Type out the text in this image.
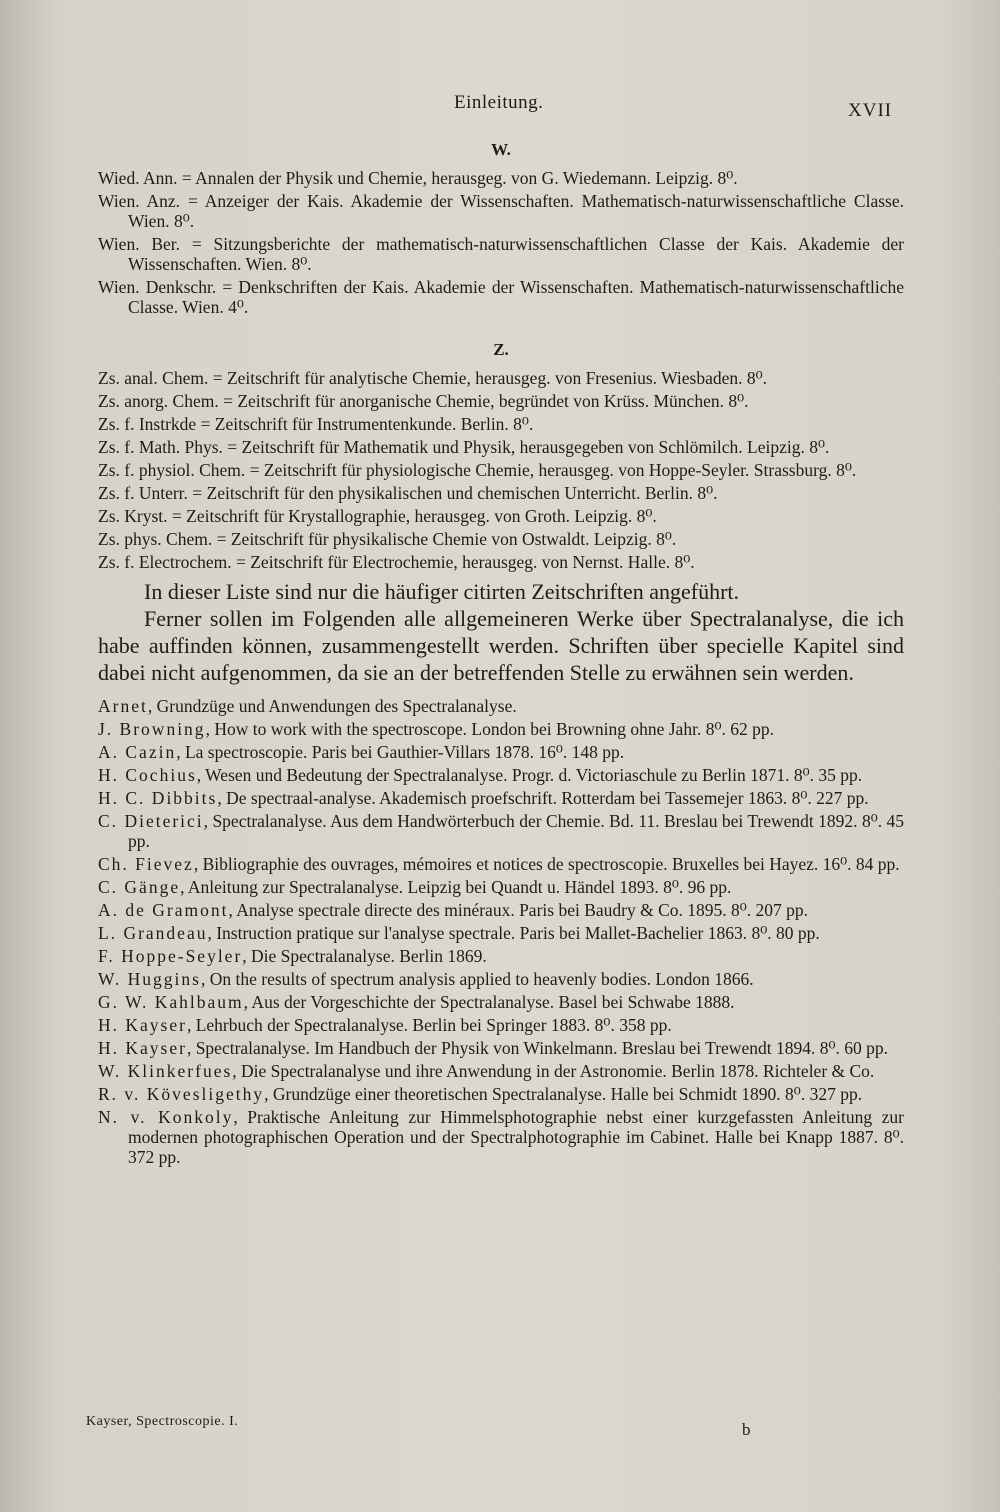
Einleitung.	XVII
W.

Wied. Ann. = Annalen der Physik und Chemie, herausgeg. von G. Wiedemann. Leipzig. 8⁰.

Wien. Anz. = Anzeiger der Kais. Akademie der Wissenschaften. Mathematisch-naturwissenschaftliche Classe. Wien. 8⁰.

Wien. Ber. = Sitzungsberichte der mathematisch-naturwissenschaftlichen Classe der Kais. Akademie der Wissenschaften. Wien. 8⁰.

Wien. Denkschr. = Denkschriften der Kais. Akademie der Wissenschaften. Mathematisch-naturwissenschaftliche Classe. Wien. 4⁰.

Z.

Zs. anal. Chem. = Zeitschrift für analytische Chemie, herausgeg. von Fresenius. Wiesbaden. 8⁰.

Zs. anorg. Chem. = Zeitschrift für anorganische Chemie, begründet von Krüss. München. 8⁰.

Zs. f. Instrkde = Zeitschrift für Instrumentenkunde. Berlin. 8⁰.

Zs. f. Math. Phys. = Zeitschrift für Mathematik und Physik, herausgegeben von Schlömilch. Leipzig. 8⁰.

Zs. f. physiol. Chem. = Zeitschrift für physiologische Chemie, herausgeg. von Hoppe-Seyler. Strassburg. 8⁰.

Zs. f. Unterr. = Zeitschrift für den physikalischen und chemischen Unterricht. Berlin. 8⁰.

Zs. Kryst. = Zeitschrift für Krystallographie, herausgeg. von Groth. Leipzig. 8⁰.

Zs. phys. Chem. = Zeitschrift für physikalische Chemie von Ostwaldt. Leipzig. 8⁰.

Zs. f. Electrochem. = Zeitschrift für Electrochemie, herausgeg. von Nernst. Halle. 8⁰.

In dieser Liste sind nur die häufiger citirten Zeitschriften angeführt.

Ferner sollen im Folgenden alle allgemeineren Werke über Spectralanalyse, die ich habe auffinden können, zusammengestellt werden. Schriften über specielle Kapitel sind dabei nicht aufgenommen, da sie an der betreffenden Stelle zu erwähnen sein werden.

Arnet, Grundzüge und Anwendungen des Spectralanalyse.

J. Browning, How to work with the spectroscope. London bei Browning ohne Jahr. 8⁰. 62 pp.

A. Cazin, La spectroscopie. Paris bei Gauthier-Villars 1878. 16⁰. 148 pp.

H. Cochius, Wesen und Bedeutung der Spectralanalyse. Progr. d. Victoriaschule zu Berlin 1871. 8⁰. 35 pp.

H. C. Dibbits, De spectraal-analyse. Akademisch proefschrift. Rotterdam bei Tassemejer 1863. 8⁰. 227 pp.

C. Dieterici, Spectralanalyse. Aus dem Handwörterbuch der Chemie. Bd. 11. Breslau bei Trewendt 1892. 8⁰. 45 pp.

Ch. Fievez, Bibliographie des ouvrages, mémoires et notices de spectroscopie. Bruxelles bei Hayez. 16⁰. 84 pp.

C. Gänge, Anleitung zur Spectralanalyse. Leipzig bei Quandt u. Händel 1893. 8⁰. 96 pp.

A. de Gramont, Analyse spectrale directe des minéraux. Paris bei Baudry & Co. 1895. 8⁰. 207 pp.

L. Grandeau, Instruction pratique sur l'analyse spectrale. Paris bei Mallet-Bachelier 1863. 8⁰. 80 pp.

F. Hoppe-Seyler, Die Spectralanalyse. Berlin 1869.

W. Huggins, On the results of spectrum analysis applied to heavenly bodies. London 1866.

G. W. Kahlbaum, Aus der Vorgeschichte der Spectralanalyse. Basel bei Schwabe 1888.

H. Kayser, Lehrbuch der Spectralanalyse. Berlin bei Springer 1883. 8⁰. 358 pp.

H. Kayser, Spectralanalyse. Im Handbuch der Physik von Winkelmann. Breslau bei Trewendt 1894. 8⁰. 60 pp.

W. Klinkerfues, Die Spectralanalyse und ihre Anwendung in der Astronomie. Berlin 1878. Richteler & Co.

R. v. Kövesligethy, Grundzüge einer theoretischen Spectralanalyse. Halle bei Schmidt 1890. 8⁰. 327 pp.

N. v. Konkoly, Praktische Anleitung zur Himmelsphotographie nebst einer kurzgefassten Anleitung zur modernen photographischen Operation und der Spectralphotographie im Cabinet. Halle bei Knapp 1887. 8⁰. 372 pp.

Kayser, Spectroscopie. I.	b
